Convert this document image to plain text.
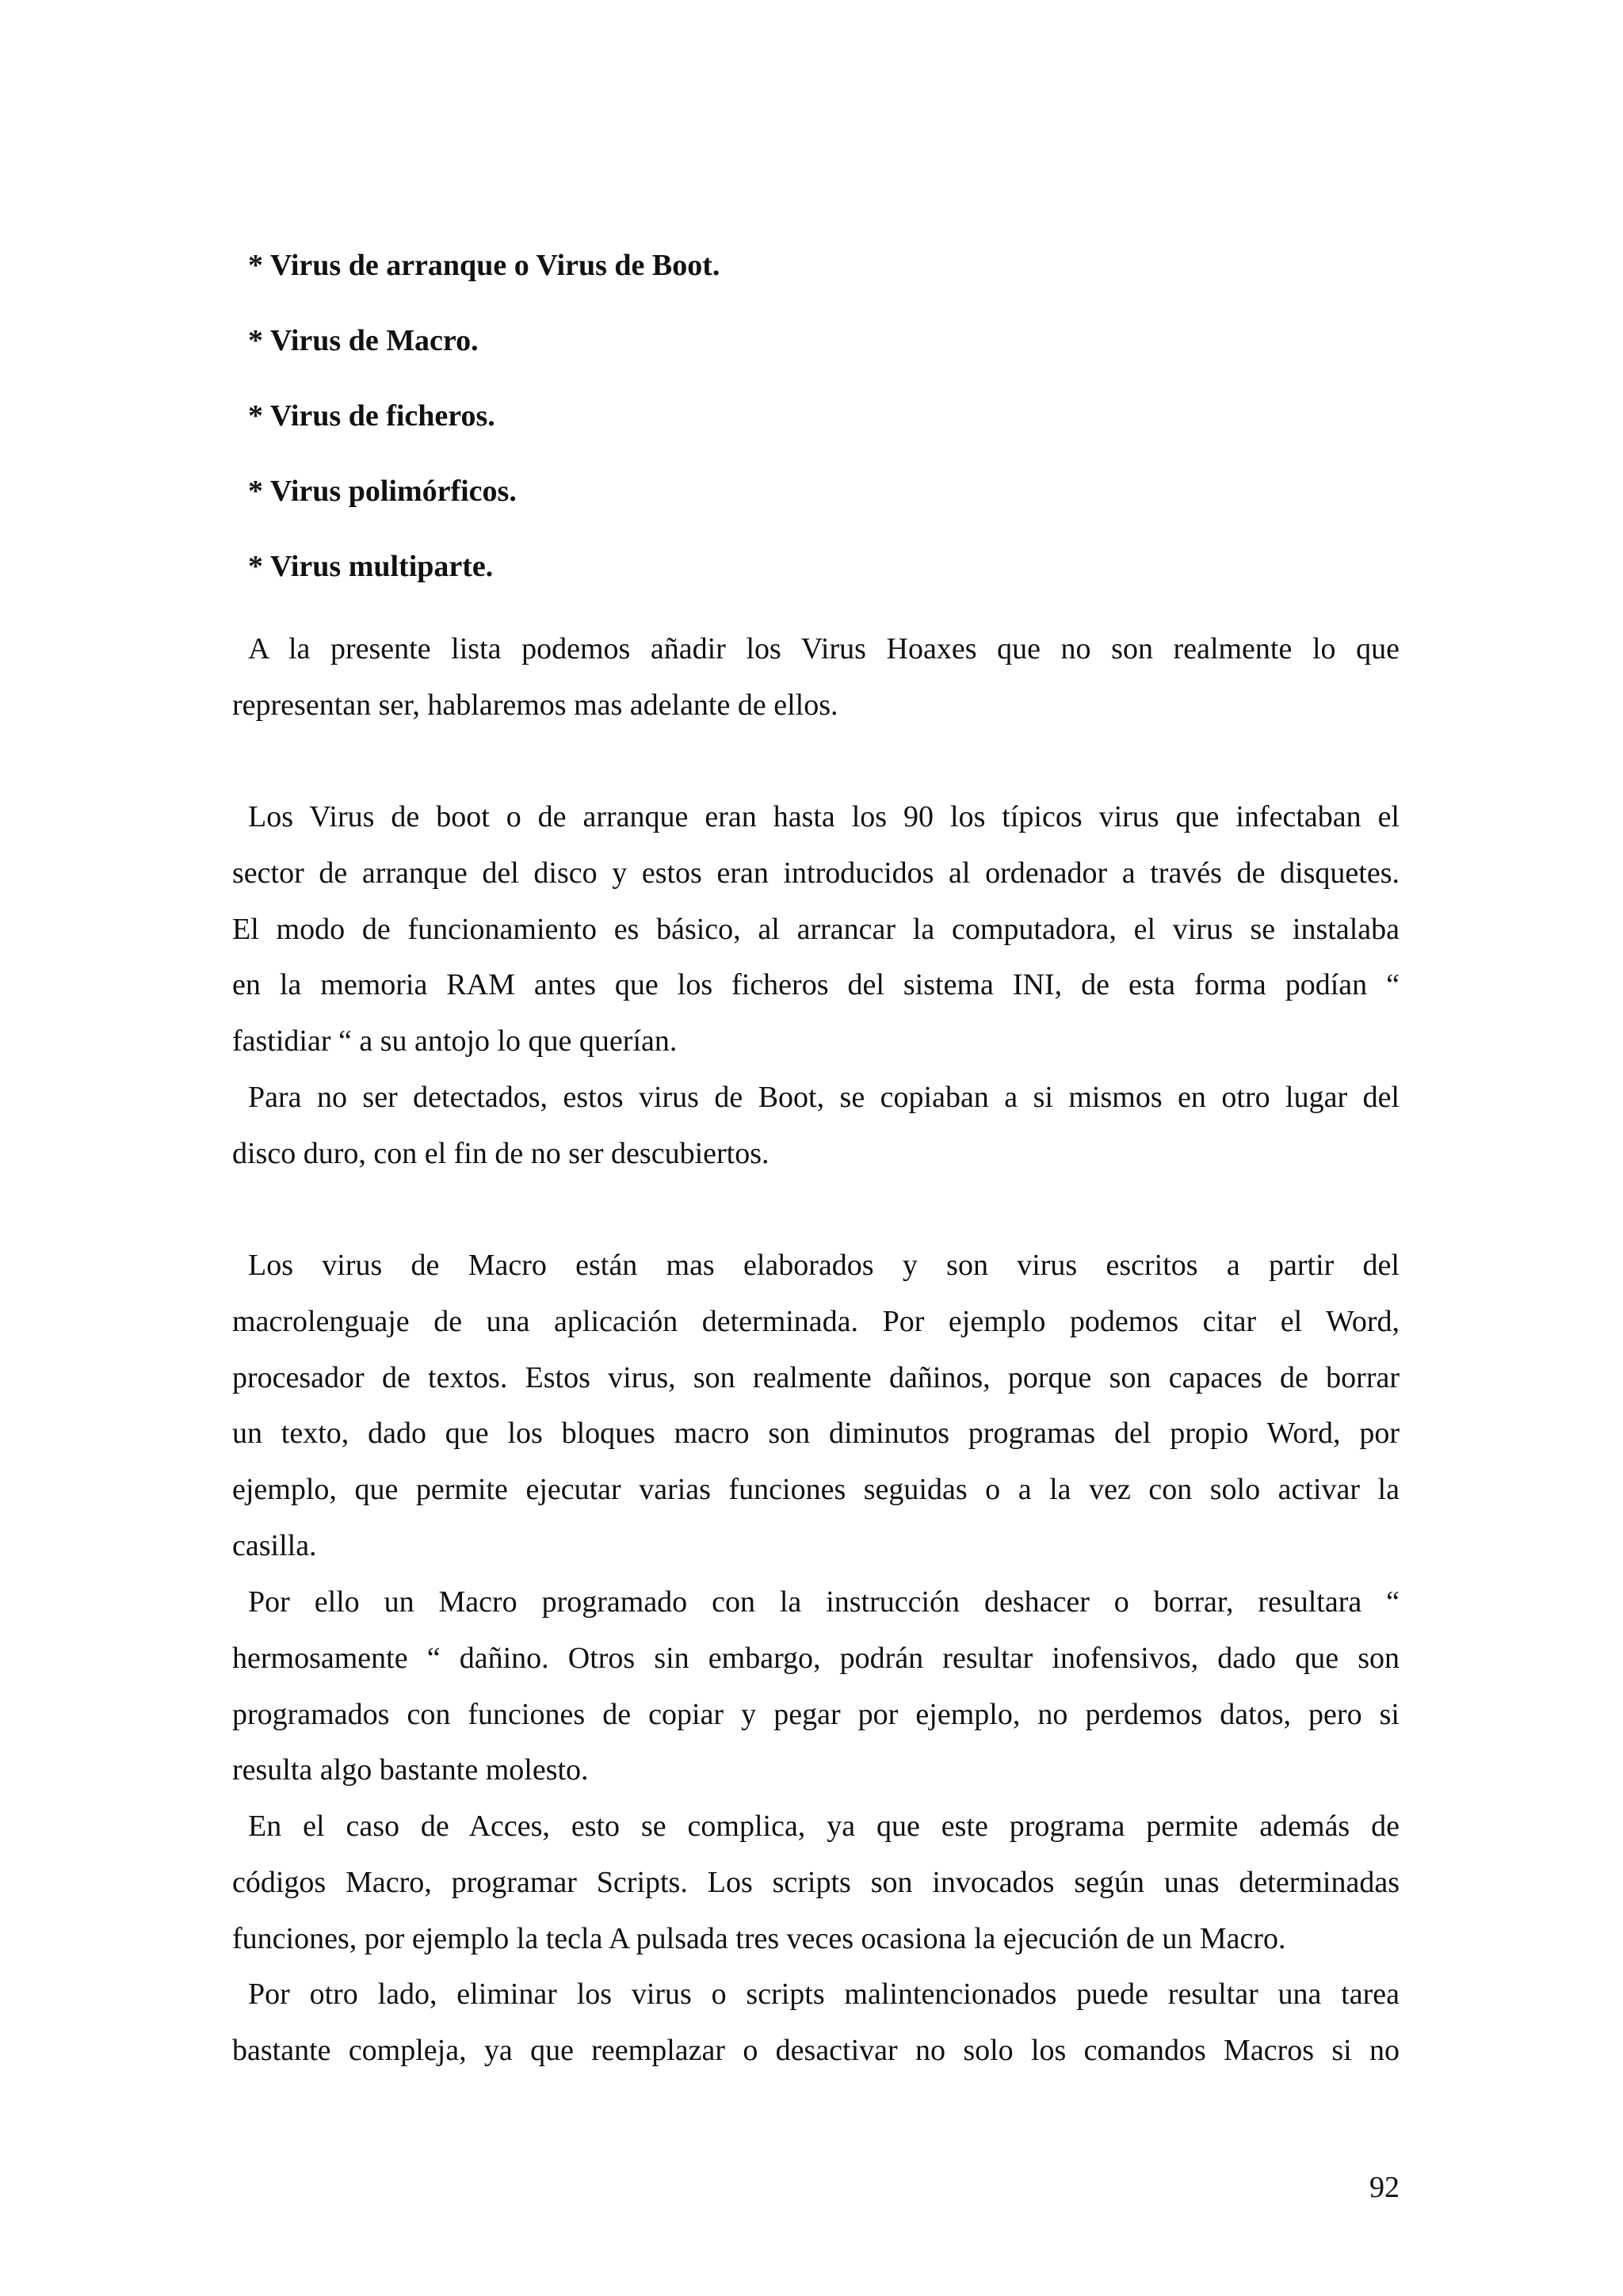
* Virus de arranque o Virus de Boot.
* Virus de Macro.
* Virus de ficheros.
* Virus polimórficos.
* Virus multiparte.
A la presente lista podemos añadir los Virus Hoaxes que no son realmente lo que
representan ser, hablaremos mas adelante de ellos.
Los Virus de boot o de arranque eran hasta los 90 los típicos virus que infectaban el
sector de arranque del disco y estos eran introducidos al ordenador a través de disquetes.
El modo de funcionamiento es básico, al arrancar la computadora, el virus se instalaba
en la memoria RAM antes que los ficheros del sistema INI, de esta forma podían “
fastidiar “ a su antojo lo que querían.
Para no ser detectados, estos virus de Boot, se copiaban a si mismos en otro lugar del
disco duro, con el fin de no ser descubiertos.
Los virus de Macro están mas elaborados y son virus escritos a partir del
macrolenguaje de una aplicación determinada. Por ejemplo podemos citar el Word,
procesador de textos. Estos virus, son realmente dañinos, porque son capaces de borrar
un texto, dado que los bloques macro son diminutos programas del propio Word, por
ejemplo, que permite ejecutar varias funciones seguidas o a la vez con solo activar la
casilla.
Por ello un Macro programado con la instrucción deshacer o borrar, resultara “
hermosamente “ dañino. Otros sin embargo, podrán resultar inofensivos, dado que son
programados con funciones de copiar y pegar por ejemplo, no perdemos datos, pero si
resulta algo bastante molesto.
En el caso de Acces, esto se complica, ya que este programa permite además de
códigos Macro, programar Scripts. Los scripts son invocados según unas determinadas
funciones, por ejemplo la tecla A pulsada tres veces ocasiona la ejecución de un Macro.
Por otro lado, eliminar los virus o scripts malintencionados puede resultar una tarea
bastante compleja, ya que reemplazar o desactivar no solo los comandos Macros si no
92
